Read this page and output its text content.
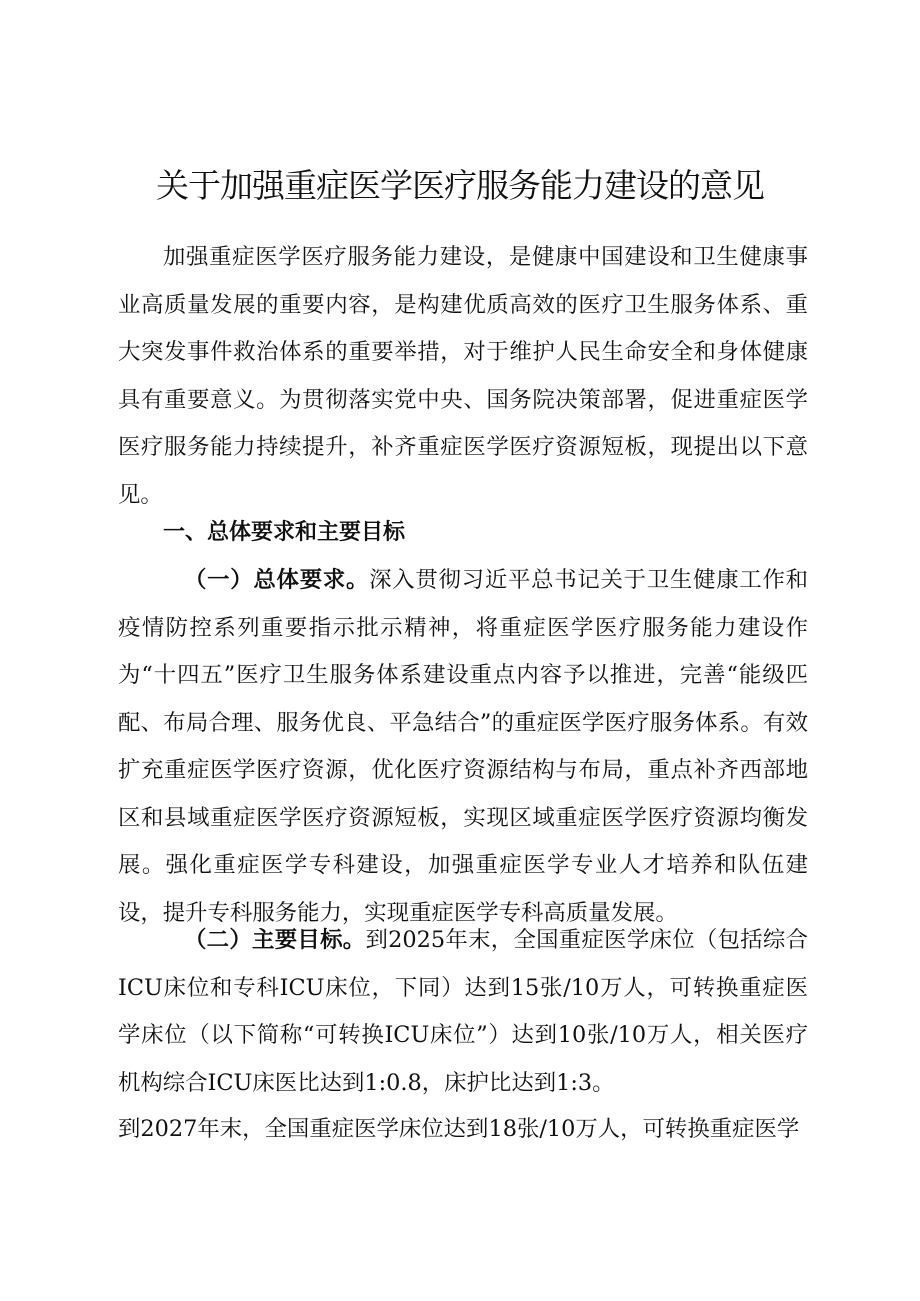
关于加强重症医学医疗服务能力建设的意见

加强重症医学医疗服务能力建设，是健康中国建设和卫生健康事业高质量发展的重要内容，是构建优质高效的医疗卫生服务体系、重大突发事件救治体系的重要举措，对于维护人民生命安全和身体健康具有重要意义。为贯彻落实党中央、国务院决策部署，促进重症医学医疗服务能力持续提升，补齐重症医学医疗资源短板，现提出以下意见。

一、总体要求和主要目标

（一）总体要求。深入贯彻习近平总书记关于卫生健康工作和疫情防控系列重要指示批示精神，将重症医学医疗服务能力建设作为“十四五”医疗卫生服务体系建设重点内容予以推进，完善“能级匹配、布局合理、服务优良、平急结合”的重症医学医疗服务体系。有效扩充重症医学医疗资源，优化医疗资源结构与布局，重点补齐西部地区和县域重症医学医疗资源短板，实现区域重症医学医疗资源均衡发展。强化重症医学专科建设，加强重症医学专业人才培养和队伍建设，提升专科服务能力，实现重症医学专科高质量发展。

（二）主要目标。到2025年末，全国重症医学床位（包括综合ICU床位和专科ICU床位，下同）达到15张/10万人，可转换重症医学床位（以下简称“可转换ICU床位”）达到10张/10万人，相关医疗机构综合ICU床医比达到1:0.8，床护比达到1:3。

到2027年末，全国重症医学床位达到18张/10万人，可转换重症医学
